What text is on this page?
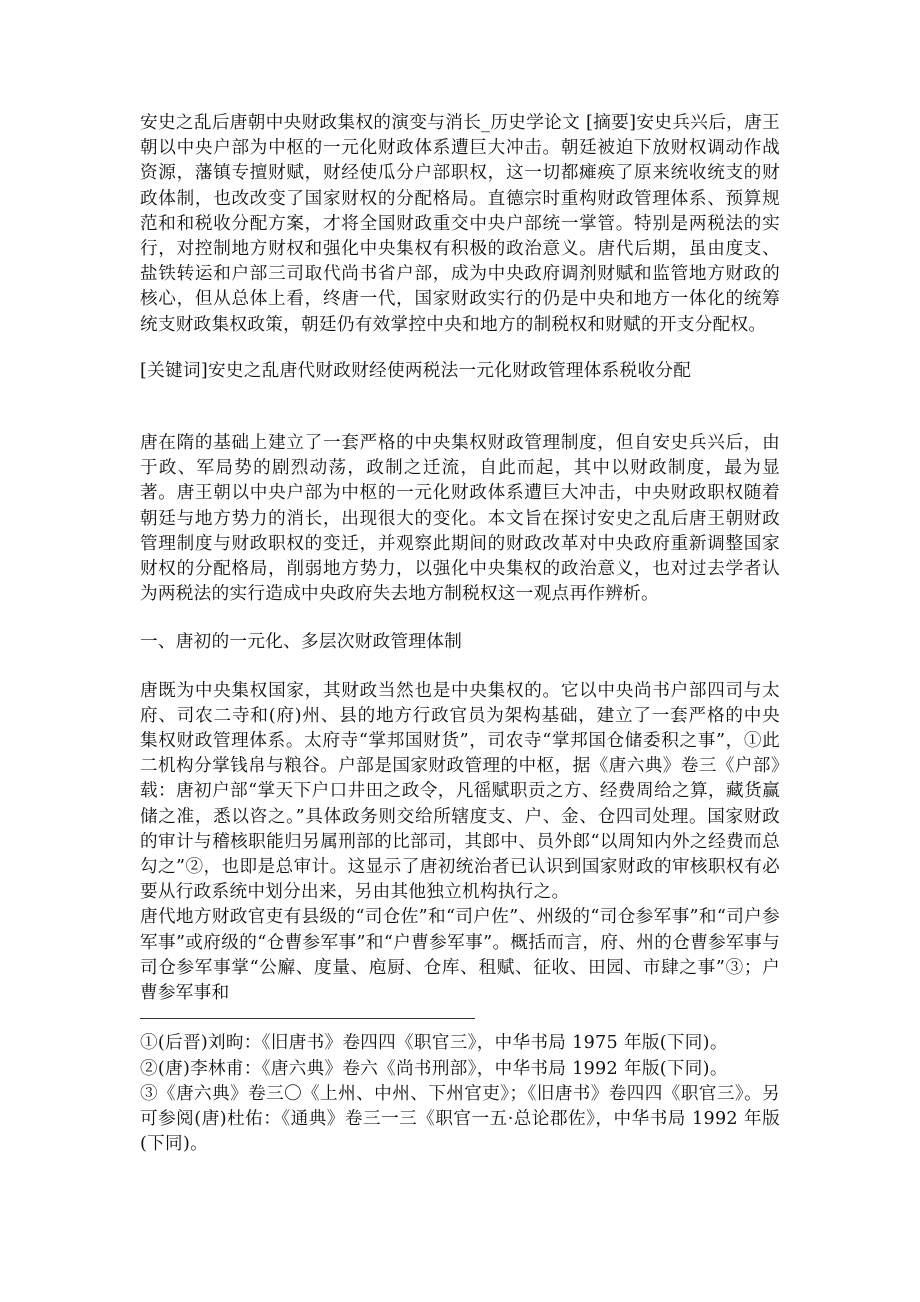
安史之乱后唐朝中央财政集权的演变与消长_历史学论文 [摘要]安史兵兴后，唐王朝以中央户部为中枢的一元化财政体系遭巨大冲击。朝廷被迫下放财权调动作战资源，藩镇专擅财赋，财经使瓜分户部职权，这一切都瘫痪了原来统收统支的财政体制，也改改变了国家财权的分配格局。直德宗时重构财政管理体系、预算规范和和税收分配方案，才将全国财政重交中央户部统一掌管。特别是两税法的实行，对控制地方财权和强化中央集权有积极的政治意义。唐代后期，虽由度支、盐铁转运和户部三司取代尚书省户部，成为中央政府调剂财赋和监管地方财政的核心，但从总体上看，终唐一代，国家财政实行的仍是中央和地方一体化的统筹统支财政集权政策，朝廷仍有效掌控中央和地方的制税权和财赋的开支分配权。

[关键词]安史之乱唐代财政财经使两税法一元化财政管理体系税收分配

唐在隋的基础上建立了一套严格的中央集权财政管理制度，但自安史兵兴后，由于政、军局势的剧烈动荡，政制之迁流，自此而起，其中以财政制度，最为显著。唐王朝以中央户部为中枢的一元化财政体系遭巨大冲击，中央财政职权随着朝廷与地方势力的消长，出现很大的变化。本文旨在探讨安史之乱后唐王朝财政管理制度与财政职权的变迁，并观察此期间的财政改革对中央政府重新调整国家财权的分配格局，削弱地方势力，以强化中央集权的政治意义，也对过去学者认为两税法的实行造成中央政府失去地方制税权这一观点再作辨析。

一、唐初的一元化、多层次财政管理体制

唐既为中央集权国家，其财政当然也是中央集权的。它以中央尚书户部四司与太府、司农二寺和(府)州、县的地方行政官员为架构基础，建立了一套严格的中央集权财政管理体系。太府寺“掌邦国财货”，司农寺“掌邦国仓储委积之事”，①此二机构分掌钱帛与粮谷。户部是国家财政管理的中枢，据《唐六典》卷三《户部》载：唐初户部“掌天下户口井田之政令，凡徭赋职贡之方、经费周给之算，藏货赢储之准，悉以咨之。”具体政务则交给所辖度支、户、金、仓四司处理。国家财政的审计与稽核职能归另属刑部的比部司，其郎中、员外郎“以周知内外之经费而总勾之”②，也即是总审计。这显示了唐初统治者已认识到国家财政的审核职权有必要从行政系统中划分出来，另由其他独立机构执行之。

唐代地方财政官吏有县级的“司仓佐”和“司户佐”、州级的“司仓参军事”和“司户参军事”或府级的“仓曹参军事”和“户曹参军事”。概括而言，府、州的仓曹参军事与司仓参军事掌“公廨、度量、庖厨、仓库、租赋、征收、田园、市肆之事”③；户曹参军事和

①(后晋)刘昫：《旧唐书》卷四四《职官三》，中华书局 1975 年版(下同)。

②(唐)李林甫：《唐六典》卷六《尚书刑部》，中华书局 1992 年版(下同)。

③《唐六典》卷三〇《上州、中州、下州官吏》；《旧唐书》卷四四《职官三》。另可参阅(唐)杜佑：《通典》卷三一三《职官一五·总论郡佐》，中华书局 1992 年版(下同)。
